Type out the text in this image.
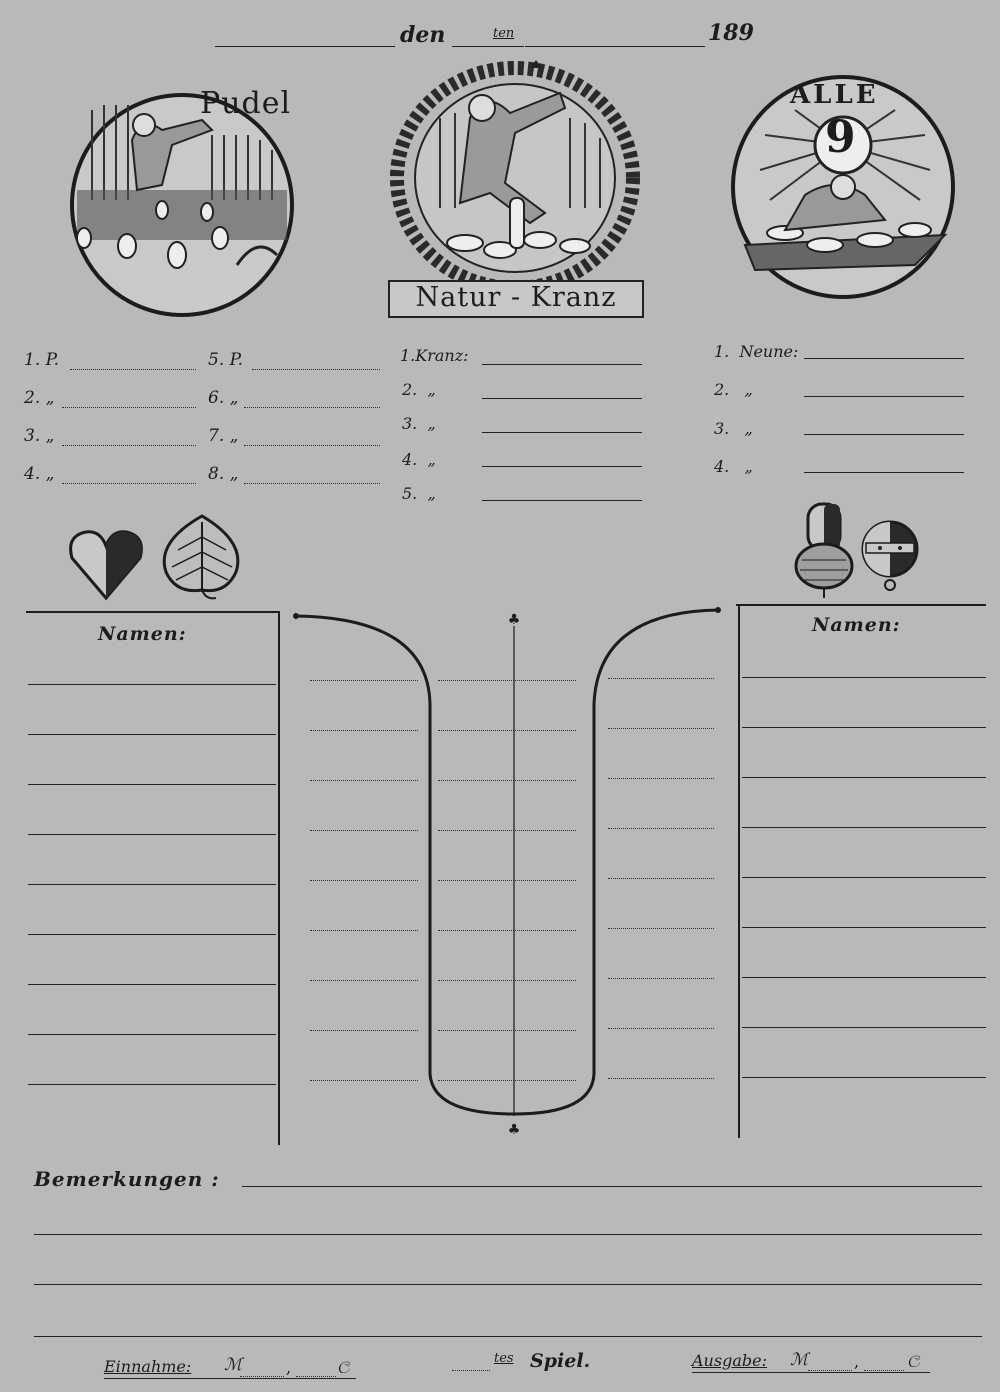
den	ten	189
Pudel
Natur - Kranz
ALLE
9
1. P.
2. „
3. „
4. „
5. P.
6. „
7. „
8. „
1.Kranz:
2.  „
3.  „
4.  „
5.  „
1.  Neune:
2.   „
3.   „
4.   „
Namen:	Namen:
♣
♣
Bemerkungen :
Einnahme: ℳ	,	ල	tes Spiel.	Ausgabe: ℳ	,	ල
